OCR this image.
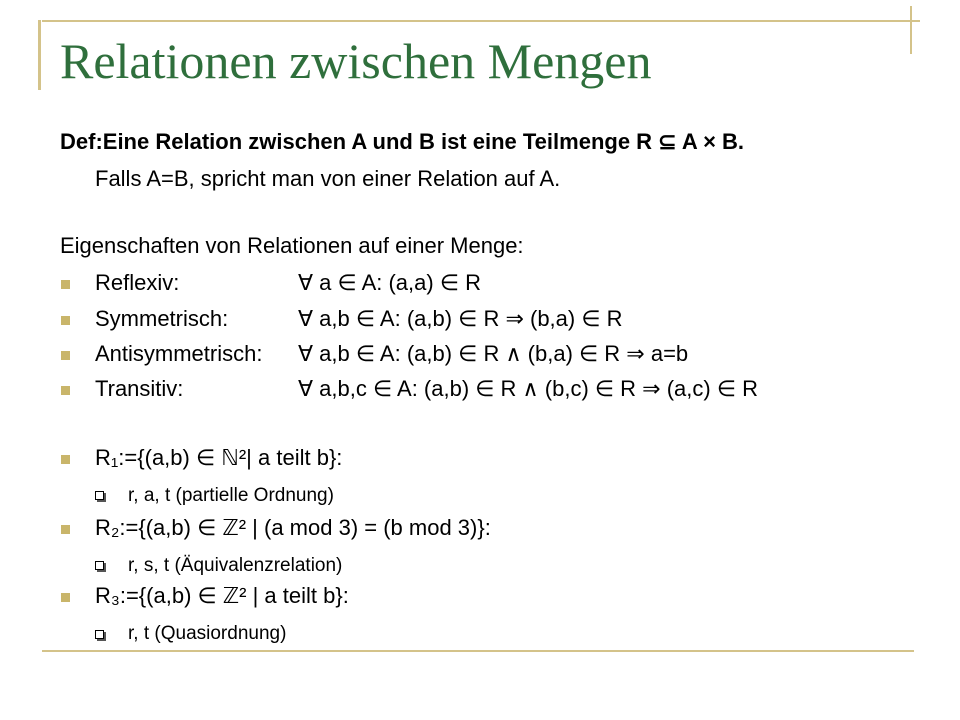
Relationen zwischen Mengen
Def:Eine Relation zwischen A und B ist eine Teilmenge R ⊆ A × B.
Falls A=B, spricht man von einer Relation auf A.
Eigenschaften von Relationen auf einer Menge:
Reflexiv:	∀ a ∈ A: (a,a) ∈ R
Symmetrisch:	∀ a,b ∈ A: (a,b) ∈ R ⇒ (b,a) ∈ R
Antisymmetrisch: ∀ a,b ∈ A: (a,b) ∈ R ∧ (b,a) ∈ R ⇒ a=b
Transitiv:	∀ a,b,c ∈ A: (a,b) ∈ R ∧ (b,c) ∈ R ⇒ (a,c) ∈ R
R₁:={(a,b) ∈ ℕ²| a teilt b}:
r, a, t (partielle Ordnung)
R₂:={(a,b) ∈ ℤ² | (a mod 3) = (b mod 3)}:
r, s, t (Äquivalenzrelation)
R₃:={(a,b) ∈ ℤ² | a teilt b}:
r, t (Quasiordnung)
